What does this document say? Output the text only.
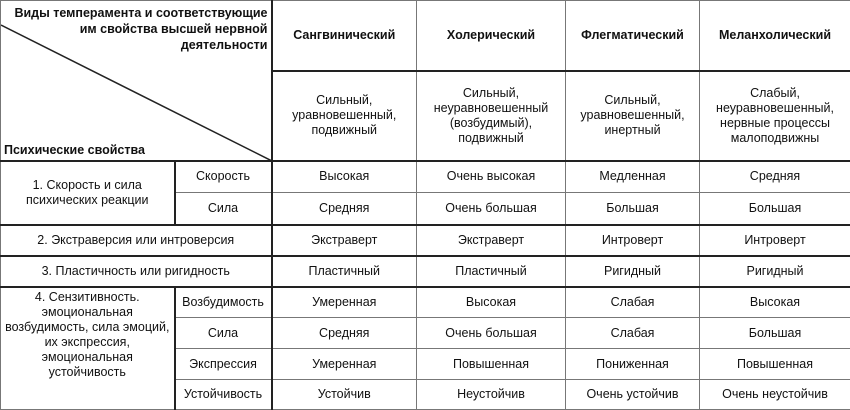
Виды темперамента и соответствующие
им свойства высшей нервной
деятельности
Психические свойства		Сангвинический	Холерический	Флегматический	Меланхолический
		Сильный, уравновешенный, подвижный	Сильный, неуравновешенный (возбудимый), подвижный	Сильный, уравновешенный, инертный	Слабый, неуравновешенный, нервные процессы малоподвижны
1. Скорость и сила психических реакции	Скорость	Высокая	Очень высокая	Медленная	Средняя
	Сила	Средняя	Очень большая	Большая	Большая
2. Экстраверсия или интроверсия		Экстраверт	Экстраверт	Интроверт	Интроверт
3. Пластичность или ригидность		Пластичный	Пластичный	Ригидный	Ригидный
4. Сензитивность. эмоциональная возбудимость, сила эмоций, их экспрессия, эмоциональная устойчивость	Возбудимость	Умеренная	Высокая	Слабая	Высокая
	Сила	Средняя	Очень большая	Слабая	Большая
	Экспрессия	Умеренная	Повышенная	Пониженная	Повышенная
	Устойчивость	Устойчив	Неустойчив	Очень устойчив	Очень неустойчив
